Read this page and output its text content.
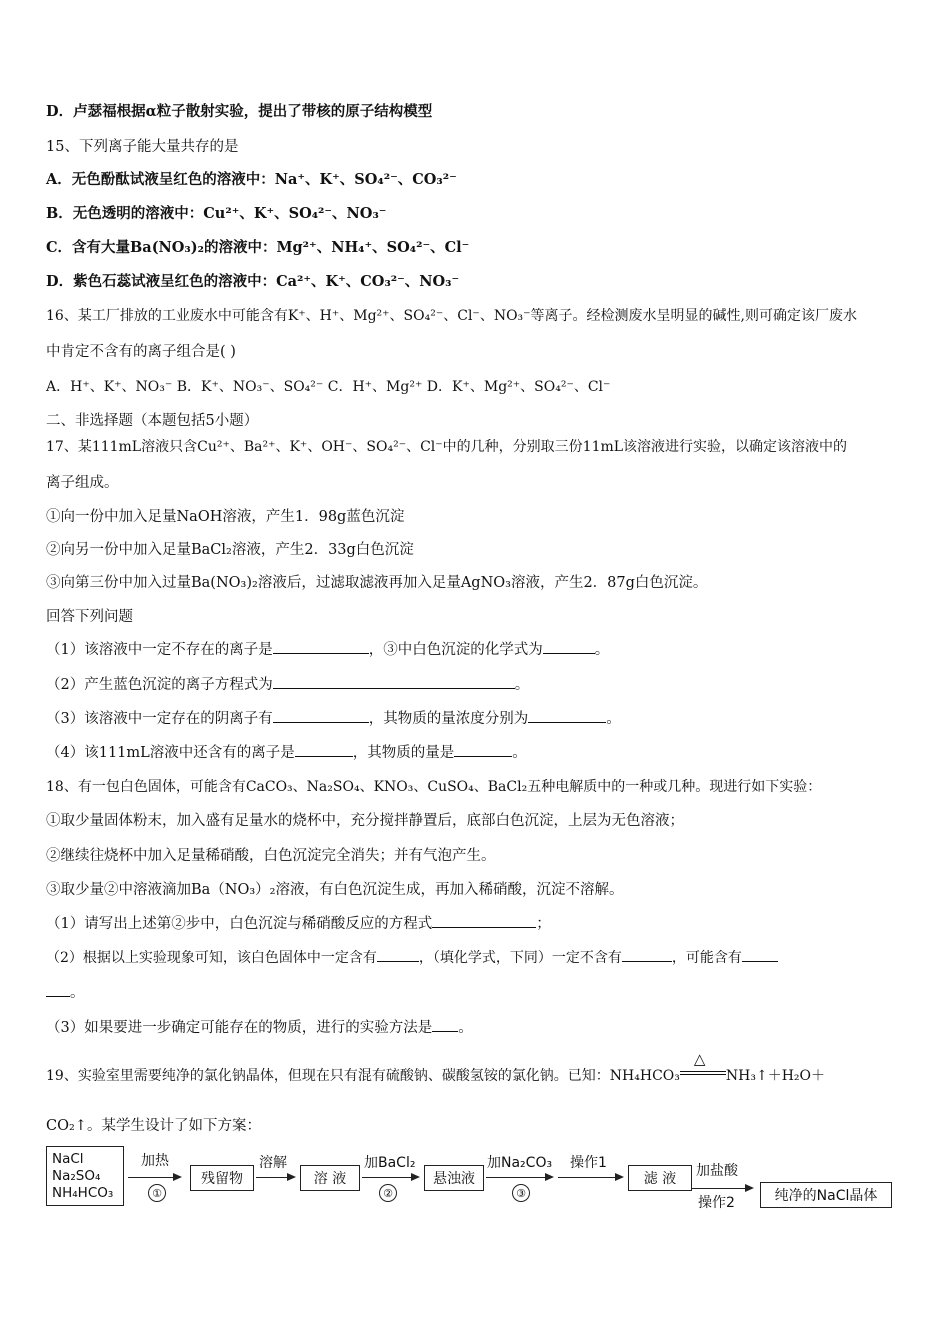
D．卢瑟福根据α粒子散射实验，提出了带核的原子结构模型
15、下列离子能大量共存的是
A．无色酚酞试液呈红色的溶液中：Na⁺、K⁺、SO₄²⁻、CO₃²⁻
B．无色透明的溶液中：Cu²⁺、K⁺、SO₄²⁻、NO₃⁻
C．含有大量Ba(NO₃)₂的溶液中：Mg²⁺、NH₄⁺、SO₄²⁻、Cl⁻
D．紫色石蕊试液呈红色的溶液中：Ca²⁺、K⁺、CO₃²⁻、NO₃⁻
16、某工厂排放的工业废水中可能含有K⁺、H⁺、Mg²⁺、SO₄²⁻、Cl⁻、NO₃⁻等离子。经检测废水呈明显的碱性,则可确定该厂废水
中肯定不含有的离子组合是( )
A．H⁺、K⁺、NO₃⁻ B．K⁺、NO₃⁻、SO₄²⁻ C．H⁺、Mg²⁺ D．K⁺、Mg²⁺、SO₄²⁻、Cl⁻
二、非选择题（本题包括5小题）
17、某111mL溶液只含Cu²⁺、Ba²⁺、K⁺、OH⁻、SO₄²⁻、Cl⁻中的几种，分别取三份11mL该溶液进行实验，以确定该溶液中的
离子组成。
①向一份中加入足量NaOH溶液，产生1．98g蓝色沉淀
②向另一份中加入足量BaCl₂溶液，产生2．33g白色沉淀
③向第三份中加入过量Ba(NO₃)₂溶液后，过滤取滤液再加入足量AgNO₃溶液，产生2．87g白色沉淀。
回答下列问题
（1）该溶液中一定不存在的离子是	，③中白色沉淀的化学式为	。
（2）产生蓝色沉淀的离子方程式为	。
（3）该溶液中一定存在的阴离子有	，其物质的量浓度分别为	。
（4）该111mL溶液中还含有的离子是	，其物质的量是	。
18、有一包白色固体，可能含有CaCO₃、Na₂SO₄、KNO₃、CuSO₄、BaCl₂五种电解质中的一种或几种。现进行如下实验：
①取少量固体粉末，加入盛有足量水的烧杯中，充分搅拌静置后，底部白色沉淀，上层为无色溶液；
②继续往烧杯中加入足量稀硝酸，白色沉淀完全消失；并有气泡产生。
③取少量②中溶液滴加Ba（NO₃）₂溶液，有白色沉淀生成，再加入稀硝酸，沉淀不溶解。
（1）请写出上述第②步中，白色沉淀与稀硝酸反应的方程式	；
（2）根据以上实验现象可知，该白色固体中一定含有	，（填化学式，下同）一定不含有	，可能含有
。
（3）如果要进一步确定可能存在的物质，进行的实验方法是 。
19、实验室里需要纯净的氯化钠晶体，但现在只有混有硫酸钠、碳酸氢铵的氯化钠。已知：NH₄HCO₃
△
NH₃↑＋H₂O＋
CO₂↑。某学生设计了如下方案：
NaCl
Na₂SO₄
NH₄HCO₃
加热
①
残留物
溶解
溶 液
加BaCl₂
②
悬浊液
加Na₂CO₃
③
操作1
滤 液	加盐酸
操作2	纯净的NaCl晶体
